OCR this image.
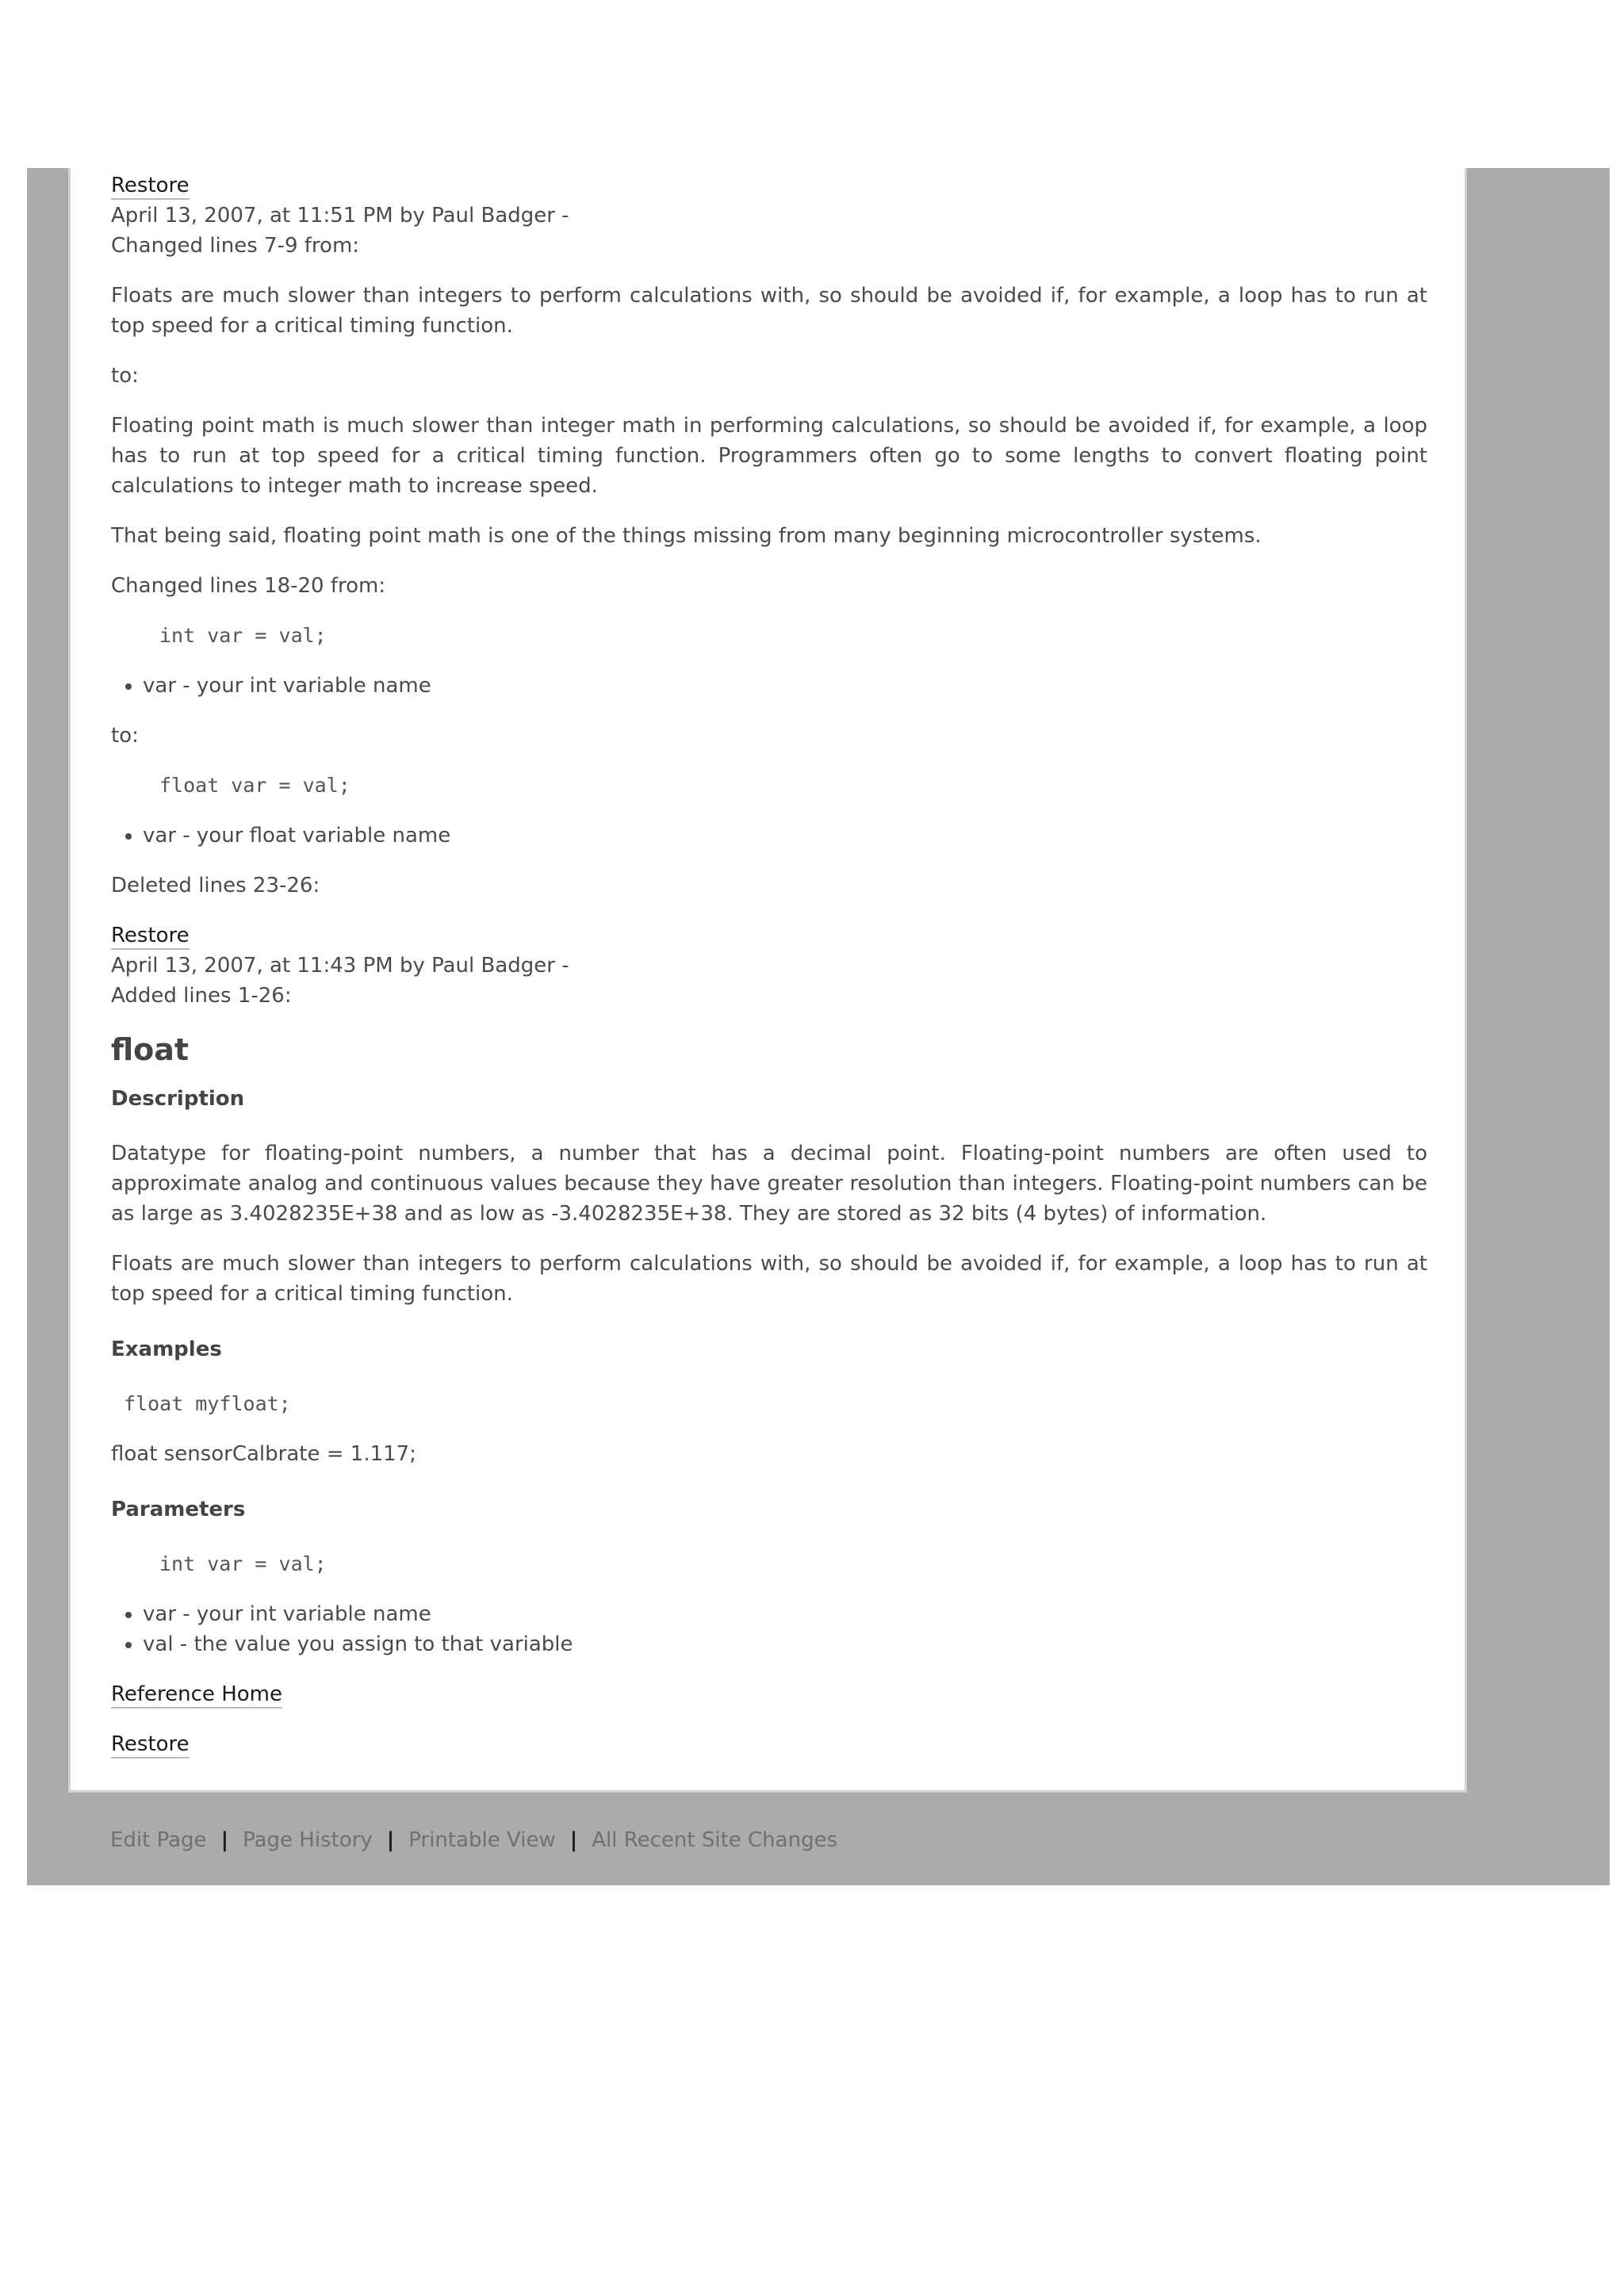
Restore
April 13, 2007, at 11:51 PM by Paul Badger -
Changed lines 7-9 from:

Floats are much slower than integers to perform calculations with, so should be avoided if, for example, a loop has to run at top speed for a critical timing function.

to:

Floating point math is much slower than integer math in performing calculations, so should be avoided if, for example, a loop has to run at top speed for a critical timing function. Programmers often go to some lengths to convert floating point calculations to integer math to increase speed.

That being said, floating point math is one of the things missing from many beginning microcontroller systems.

Changed lines 18-20 from:

int var = val;
• var - your int variable name

to:

float var = val;
• var - your float variable name

Deleted lines 23-26:

Restore
April 13, 2007, at 11:43 PM by Paul Badger -
Added lines 1-26:
float
Description

Datatype for floating-point numbers, a number that has a decimal point. Floating-point numbers are often used to approximate analog and continuous values because they have greater resolution than integers. Floating-point numbers can be as large as 3.4028235E+38 and as low as -3.4028235E+38. They are stored as 32 bits (4 bytes) of information.

Floats are much slower than integers to perform calculations with, so should be avoided if, for example, a loop has to run at top speed for a critical timing function.

Examples
float myfloat;

float sensorCalbrate = 1.117;

Parameters
int var = val;
• var - your int variable name
• val - the value you assign to that variable
Reference Home
Restore
Edit Page | Page History | Printable View | All Recent Site Changes
